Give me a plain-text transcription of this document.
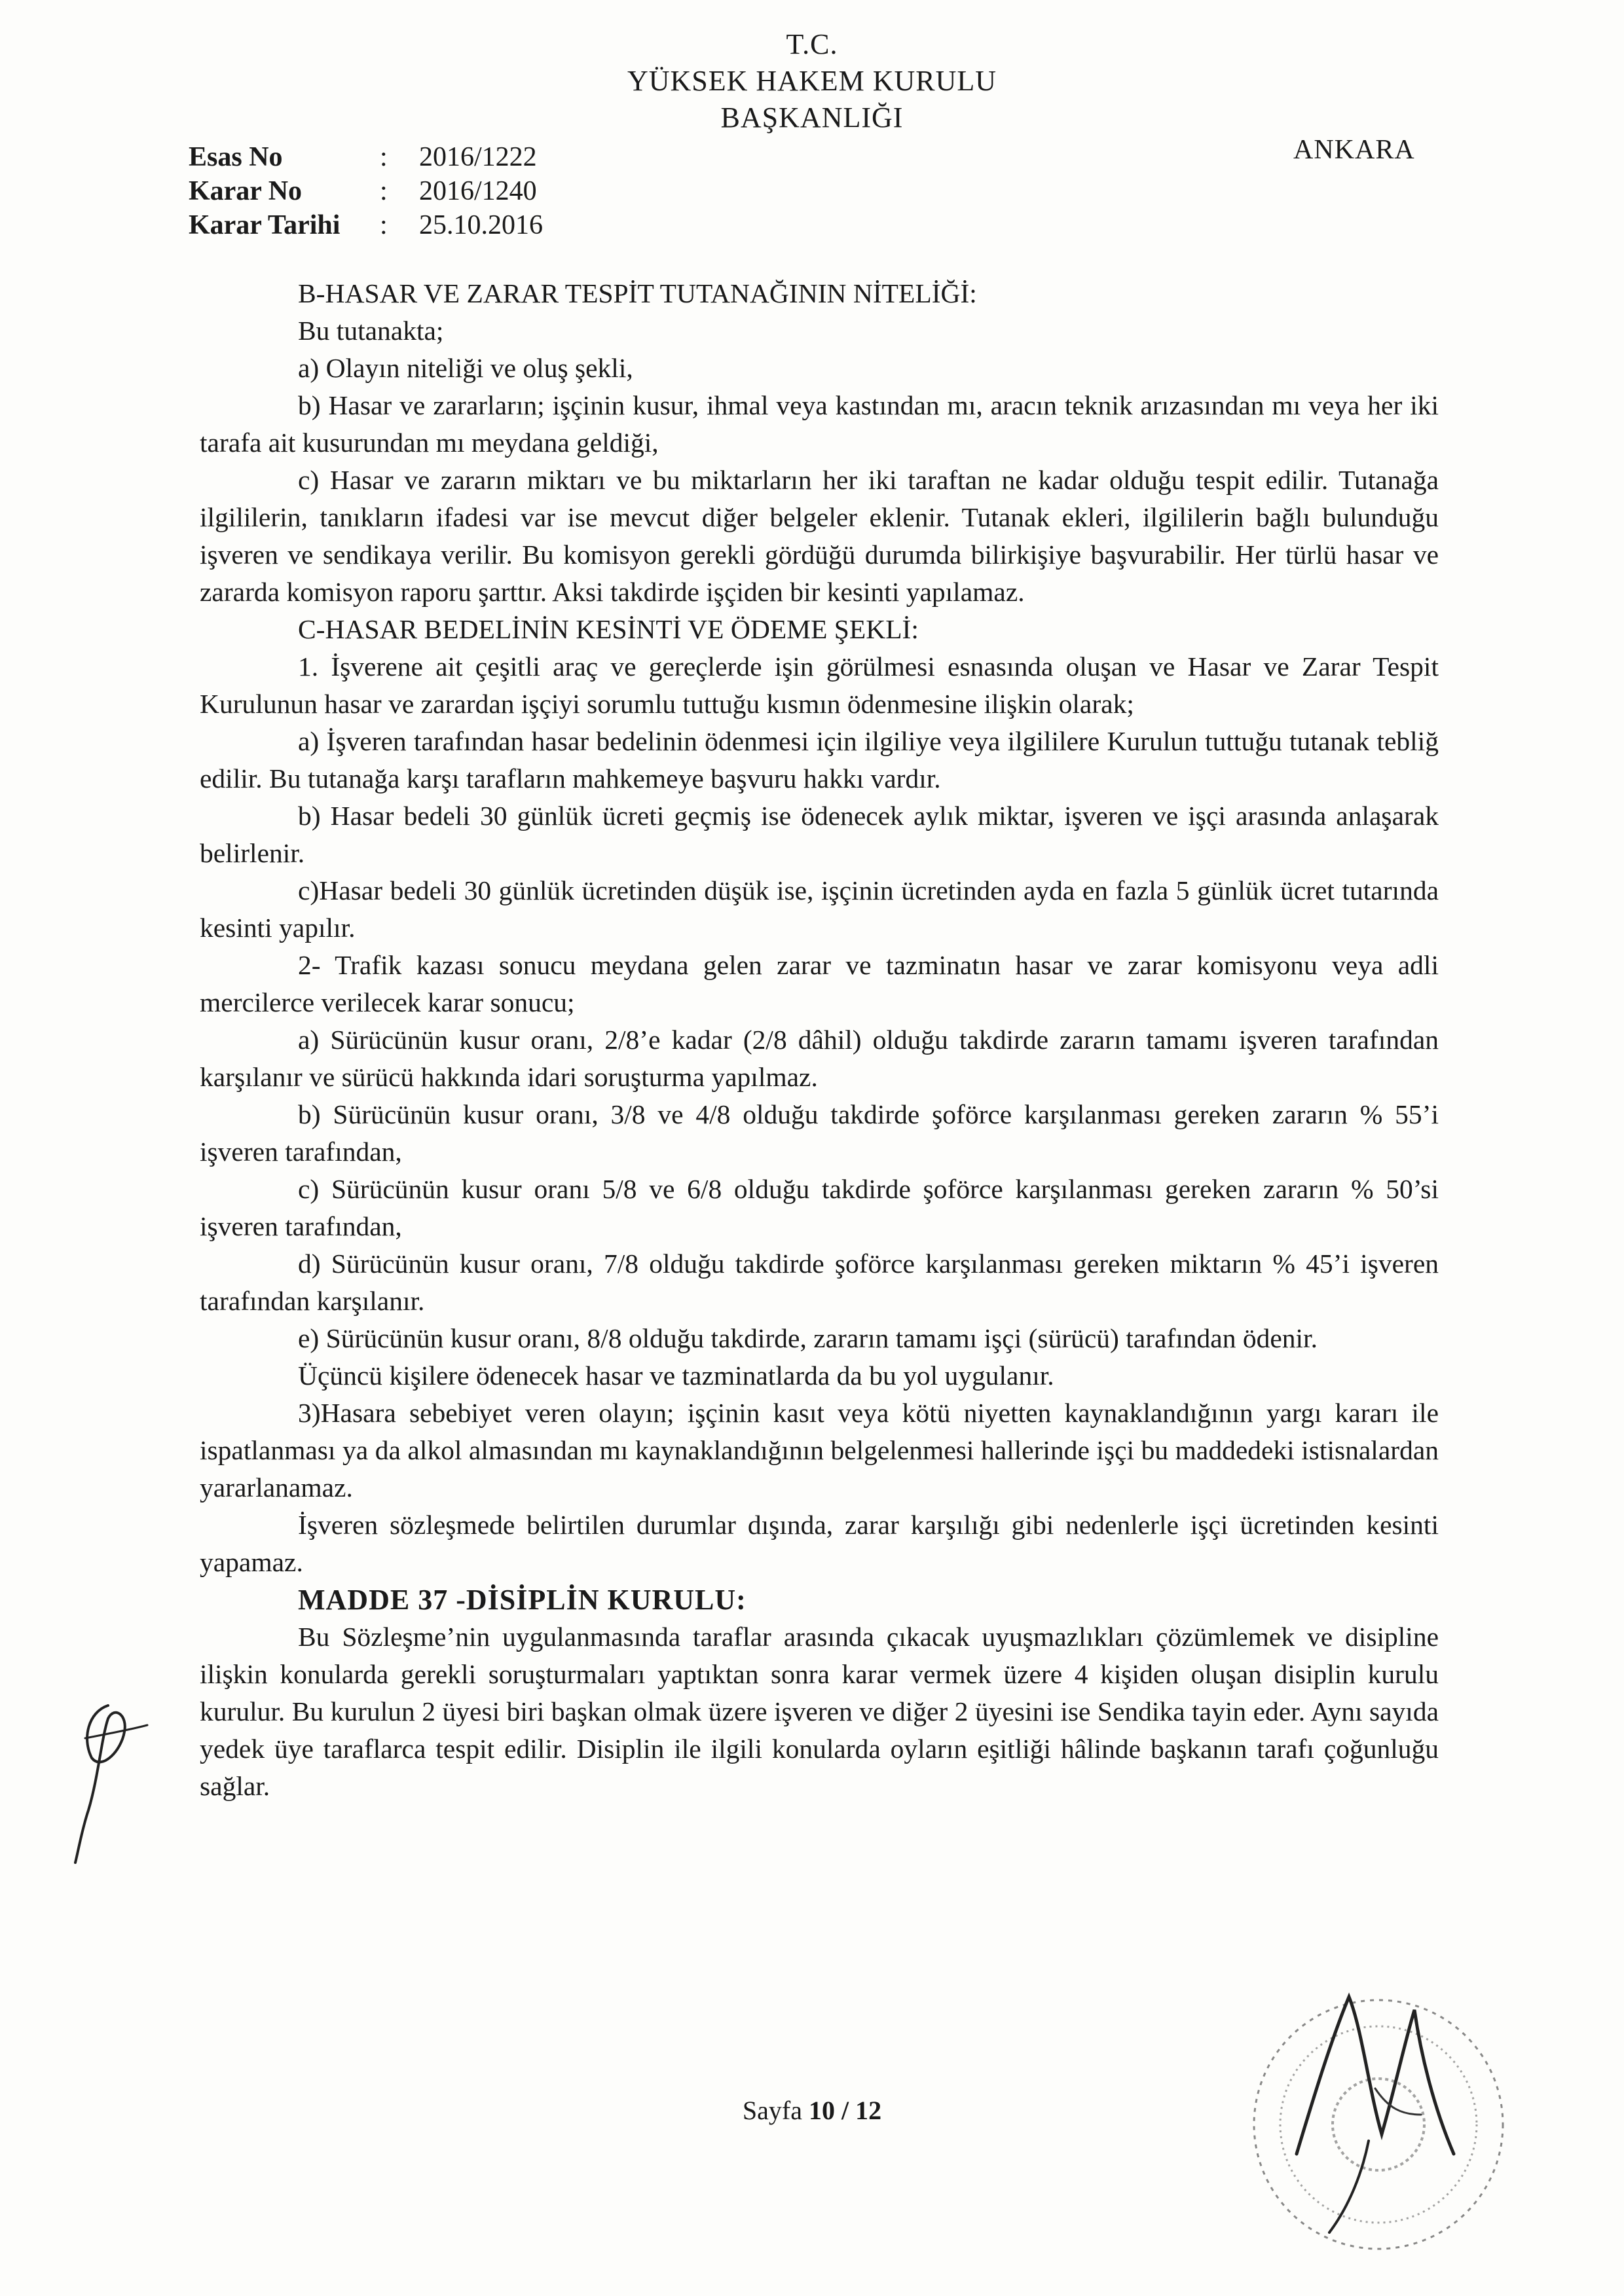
T.C.
YÜKSEK HAKEM KURULU
BAŞKANLIĞI
ANKARA
Esas No	:	2016/1222
Karar No	:	2016/1240
Karar Tarihi	:	25.10.2016

B-HASAR VE ZARAR TESPİT TUTANAĞININ NİTELİĞİ:

Bu tutanakta;

a) Olayın niteliği ve oluş şekli,

b) Hasar ve zararların; işçinin kusur, ihmal veya kastından mı, aracın teknik arızasından mı veya her iki tarafa ait kusurundan mı meydana geldiği,

c) Hasar ve zararın miktarı ve bu miktarların her iki taraftan ne kadar olduğu tespit edilir. Tutanağa ilgililerin, tanıkların ifadesi var ise mevcut diğer belgeler eklenir. Tutanak ekleri, ilgililerin bağlı bulunduğu işveren ve sendikaya verilir. Bu komisyon gerekli gördüğü durumda bilirkişiye başvurabilir. Her türlü hasar ve zararda komisyon raporu şarttır. Aksi takdirde işçiden bir kesinti yapılamaz.

C-HASAR BEDELİNİN KESİNTİ VE ÖDEME ŞEKLİ:

1. İşverene ait çeşitli araç ve gereçlerde işin görülmesi esnasında oluşan ve Hasar ve Zarar Tespit Kurulunun hasar ve zarardan işçiyi sorumlu tuttuğu kısmın ödenmesine ilişkin olarak;

a) İşveren tarafından hasar bedelinin ödenmesi için ilgiliye veya ilgililere Kurulun tuttuğu tutanak tebliğ edilir. Bu tutanağa karşı tarafların mahkemeye başvuru hakkı vardır.

b) Hasar bedeli 30 günlük ücreti geçmiş ise ödenecek aylık miktar, işveren ve işçi arasında anlaşarak belirlenir.

c)Hasar bedeli 30 günlük ücretinden düşük ise, işçinin ücretinden ayda en fazla 5 günlük ücret tutarında kesinti yapılır.

2- Trafik kazası sonucu meydana gelen zarar ve tazminatın hasar ve zarar komisyonu veya adli mercilerce verilecek karar sonucu;

a) Sürücünün kusur oranı, 2/8’e kadar (2/8 dâhil) olduğu takdirde zararın tamamı işveren tarafından karşılanır ve sürücü hakkında idari soruşturma yapılmaz.

b) Sürücünün kusur oranı, 3/8 ve 4/8 olduğu takdirde şoförce karşılanması gereken zararın % 55’i işveren tarafından,

c) Sürücünün kusur oranı 5/8 ve 6/8 olduğu takdirde şoförce karşılanması gereken zararın % 50’si işveren tarafından,

d) Sürücünün kusur oranı, 7/8 olduğu takdirde şoförce karşılanması gereken miktarın % 45’i işveren tarafından karşılanır.

e) Sürücünün kusur oranı, 8/8 olduğu takdirde, zararın tamamı işçi (sürücü) tarafından ödenir.

Üçüncü kişilere ödenecek hasar ve tazminatlarda da bu yol uygulanır.

3)Hasara sebebiyet veren olayın; işçinin kasıt veya kötü niyetten kaynaklandığının yargı kararı ile ispatlanması ya da alkol almasından mı kaynaklandığının belgelenmesi hallerinde işçi bu maddedeki istisnalardan yararlanamaz.

İşveren sözleşmede belirtilen durumlar dışında, zarar karşılığı gibi nedenlerle işçi ücretinden kesinti yapamaz.

MADDE 37 -DİSİPLİN KURULU:

Bu Sözleşme’nin uygulanmasında taraflar arasında çıkacak uyuşmazlıkları çözümlemek ve disipline ilişkin konularda gerekli soruşturmaları yaptıktan sonra karar vermek üzere 4 kişiden oluşan disiplin kurulu kurulur. Bu kurulun 2 üyesi biri başkan olmak üzere işveren ve diğer 2 üyesini ise Sendika tayin eder. Aynı sayıda yedek üye taraflarca tespit edilir. Disiplin ile ilgili konularda oyların eşitliği hâlinde başkanın tarafı çoğunluğu sağlar.

Sayfa 10 / 12
